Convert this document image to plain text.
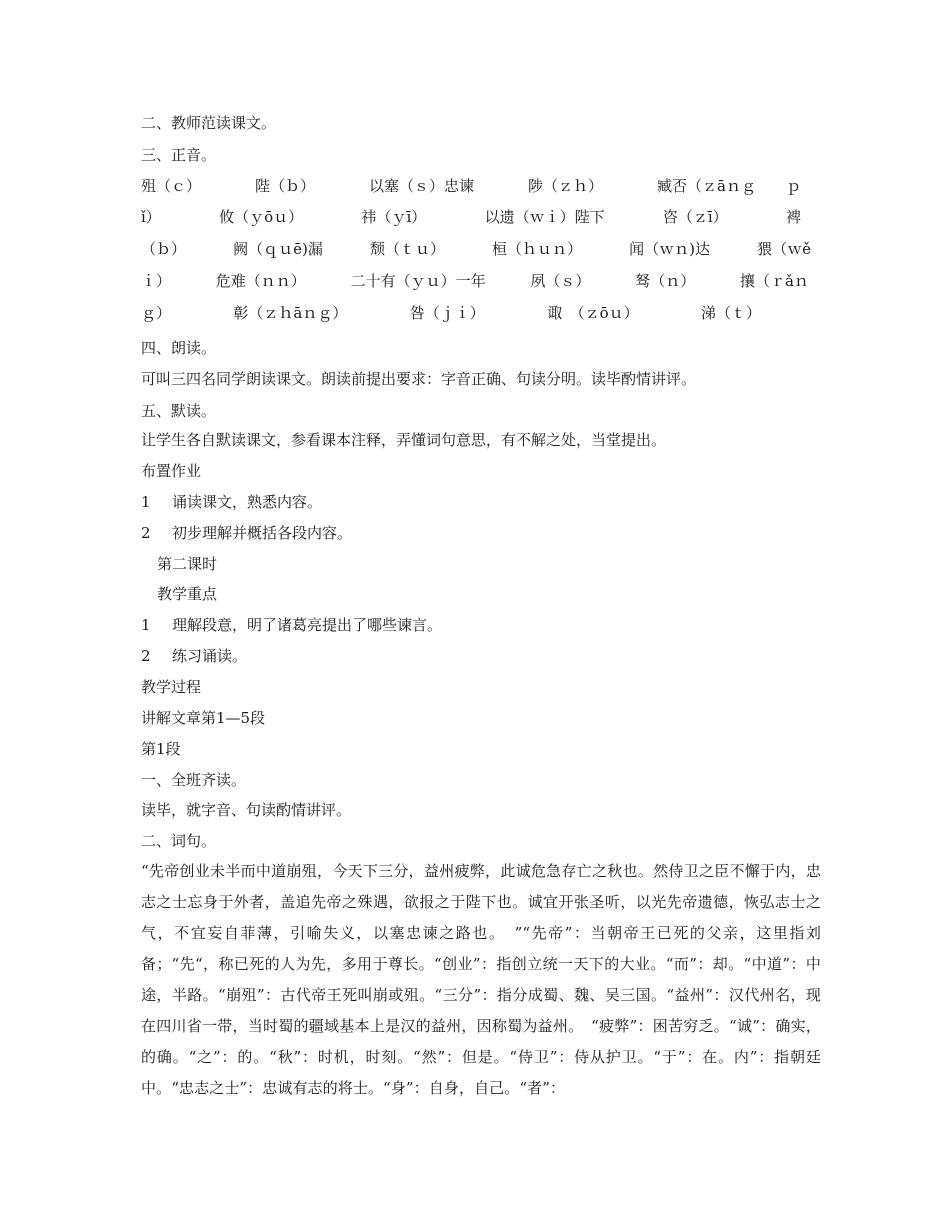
二、教师范读课文。
三、正音。
殂（ｃ）	陛（ｂ）	以塞（ｓ）忠谏	陟（ｚｈ）	臧否（ｚāｎｇ　　ｐ
ǐ）	攸（ｙōｕ）	祎（ｙī）	以遗（ｗｉ）陛下	咨（ｚī）	裨
（ｂ）	阙（ｑｕē)漏	颓（ｔｕ）	桓（ｈｕｎ）	闻（ｗｎ)达	猥（ｗě
ｉ）	危难（ｎｎ）	二十有（ｙｕ）一年	夙（ｓ）	驽（ｎ）	攘（ｒǎｎ
ｇ）	彰（ｚｈāｎｇ）	咎（ｊｉ）	诹　（ｚōｕ）	涕（ｔ）
四、朗读。
可叫三四名同学朗读课文。朗读前提出要求：字音正确、句读分明。读毕酌情讲评。
五、默读。
让学生各自默读课文，参看课本注释，弄懂词句意思，有不解之处，当堂提出。
布置作业
1 诵读课文，熟悉内容。
2 初步理解并概括各段内容。
第二课时
教学重点
1 理解段意，明了诸葛亮提出了哪些谏言。
2 练习诵读。
教学过程
讲解文章第1—5段
第1段
一、全班齐读。
读毕，就字音、句读酌情讲评。
二、词句。
“先帝创业未半而中道崩殂，今天下三分，益州疲弊，此诚危急存亡之秋也。然侍卫之臣不懈于内，忠志之士忘身于外者，盖追先帝之殊遇，欲报之于陛下也。诚宜开张圣听，以光先帝遗德，恢弘志士之气，不宜妄自菲薄，引喻失义，以塞忠谏之路也。　”“先帝”：当朝帝王已死的父亲，这里指刘备；“先“，称已死的人为先，多用于尊长。“创业”：指创立统一天下的大业。“而”：却。“中道”：中途，半路。“崩殂”：古代帝王死叫崩或殂。“三分”：指分成蜀、魏、吴三国。“益州”：汉代州名，现在四川省一带，当时蜀的疆域基本上是汉的益州，因称蜀为益州。　“疲弊”：困苦穷乏。“诚”：确实，的确。“之”：的。“秋”：时机，时刻。“然”：但是。“侍卫”：侍从护卫。“于”：在。内”：指朝廷中。“忠志之士”：忠诚有志的将士。“身”：自身，自己。“者”：
